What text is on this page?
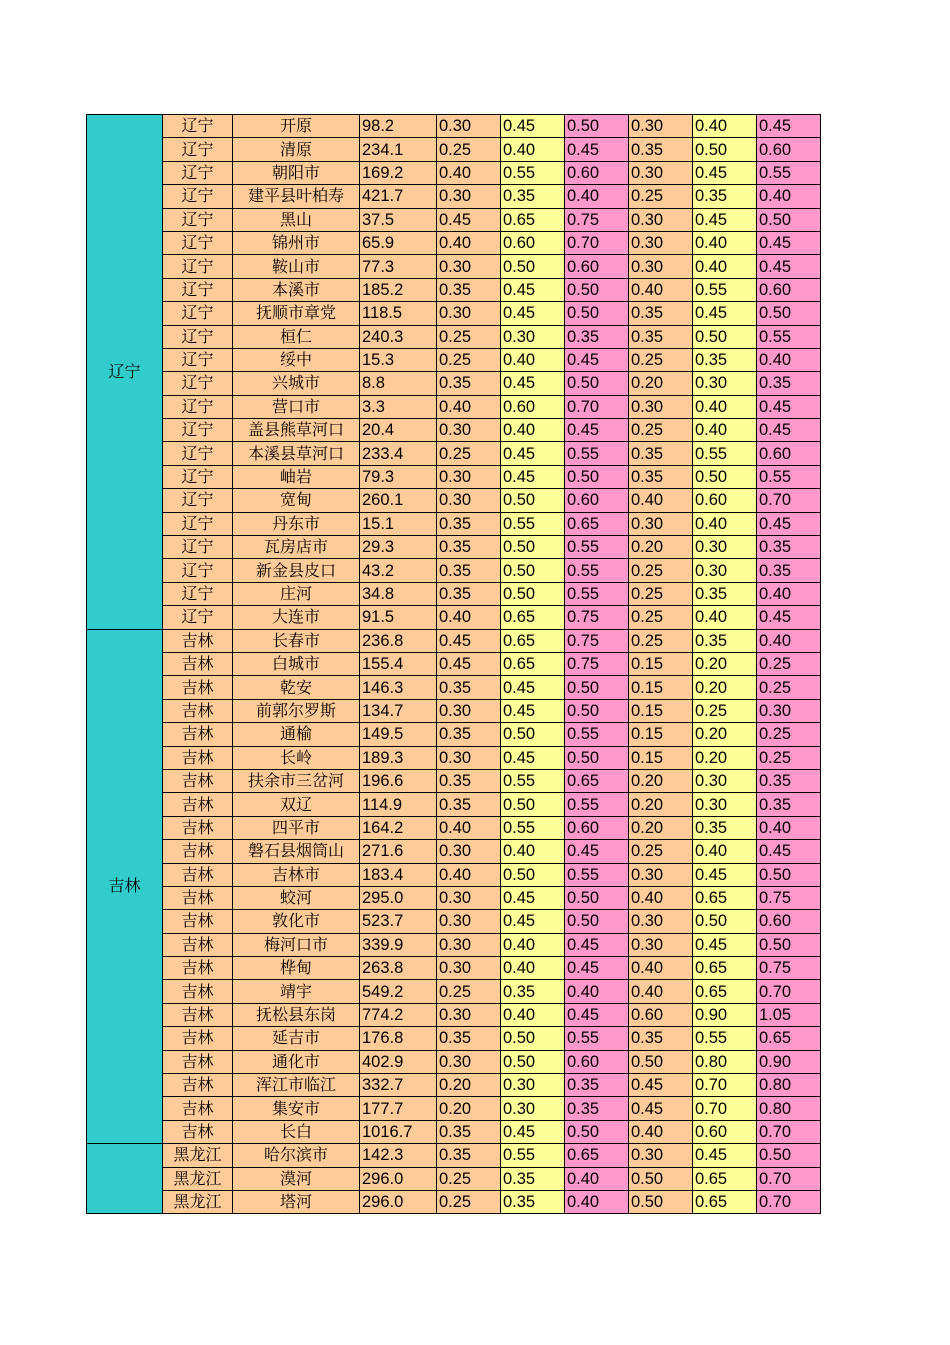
辽宁	辽宁	开原	98.2	0.30	0.45	0.50	0.30	0.40	0.45
	辽宁	清原	234.1	0.25	0.40	0.45	0.35	0.50	0.60
	辽宁	朝阳市	169.2	0.40	0.55	0.60	0.30	0.45	0.55
	辽宁	建平县叶柏寿	421.7	0.30	0.35	0.40	0.25	0.35	0.40
	辽宁	黑山	37.5	0.45	0.65	0.75	0.30	0.45	0.50
	辽宁	锦州市	65.9	0.40	0.60	0.70	0.30	0.40	0.45
	辽宁	鞍山市	77.3	0.30	0.50	0.60	0.30	0.40	0.45
	辽宁	本溪市	185.2	0.35	0.45	0.50	0.40	0.55	0.60
	辽宁	抚顺市章党	118.5	0.30	0.45	0.50	0.35	0.45	0.50
	辽宁	桓仁	240.3	0.25	0.30	0.35	0.35	0.50	0.55
	辽宁	绥中	15.3	0.25	0.40	0.45	0.25	0.35	0.40
	辽宁	兴城市	8.8	0.35	0.45	0.50	0.20	0.30	0.35
	辽宁	营口市	3.3	0.40	0.60	0.70	0.30	0.40	0.45
	辽宁	盖县熊草河口	20.4	0.30	0.40	0.45	0.25	0.40	0.45
	辽宁	本溪县草河口	233.4	0.25	0.45	0.55	0.35	0.55	0.60
	辽宁	岫岩	79.3	0.30	0.45	0.50	0.35	0.50	0.55
	辽宁	宽甸	260.1	0.30	0.50	0.60	0.40	0.60	0.70
	辽宁	丹东市	15.1	0.35	0.55	0.65	0.30	0.40	0.45
	辽宁	瓦房店市	29.3	0.35	0.50	0.55	0.20	0.30	0.35
	辽宁	新金县皮口	43.2	0.35	0.50	0.55	0.25	0.30	0.35
	辽宁	庄河	34.8	0.35	0.50	0.55	0.25	0.35	0.40
	辽宁	大连市	91.5	0.40	0.65	0.75	0.25	0.40	0.45
吉林	吉林	长春市	236.8	0.45	0.65	0.75	0.25	0.35	0.40
	吉林	白城市	155.4	0.45	0.65	0.75	0.15	0.20	0.25
	吉林	乾安	146.3	0.35	0.45	0.50	0.15	0.20	0.25
	吉林	前郭尔罗斯	134.7	0.30	0.45	0.50	0.15	0.25	0.30
	吉林	通榆	149.5	0.35	0.50	0.55	0.15	0.20	0.25
	吉林	长岭	189.3	0.30	0.45	0.50	0.15	0.20	0.25
	吉林	扶余市三岔河	196.6	0.35	0.55	0.65	0.20	0.30	0.35
	吉林	双辽	114.9	0.35	0.50	0.55	0.20	0.30	0.35
	吉林	四平市	164.2	0.40	0.55	0.60	0.20	0.35	0.40
	吉林	磐石县烟筒山	271.6	0.30	0.40	0.45	0.25	0.40	0.45
	吉林	吉林市	183.4	0.40	0.50	0.55	0.30	0.45	0.50
	吉林	蛟河	295.0	0.30	0.45	0.50	0.40	0.65	0.75
	吉林	敦化市	523.7	0.30	0.45	0.50	0.30	0.50	0.60
	吉林	梅河口市	339.9	0.30	0.40	0.45	0.30	0.45	0.50
	吉林	桦甸	263.8	0.30	0.40	0.45	0.40	0.65	0.75
	吉林	靖宇	549.2	0.25	0.35	0.40	0.40	0.65	0.70
	吉林	抚松县东岗	774.2	0.30	0.40	0.45	0.60	0.90	1.05
	吉林	延吉市	176.8	0.35	0.50	0.55	0.35	0.55	0.65
	吉林	通化市	402.9	0.30	0.50	0.60	0.50	0.80	0.90
	吉林	浑江市临江	332.7	0.20	0.30	0.35	0.45	0.70	0.80
	吉林	集安市	177.7	0.20	0.30	0.35	0.45	0.70	0.80
	吉林	长白	1016.7	0.35	0.45	0.50	0.40	0.60	0.70
	黑龙江	哈尔滨市	142.3	0.35	0.55	0.65	0.30	0.45	0.50
	黑龙江	漠河	296.0	0.25	0.35	0.40	0.50	0.65	0.70
	黑龙江	塔河	296.0	0.25	0.35	0.40	0.50	0.65	0.70
